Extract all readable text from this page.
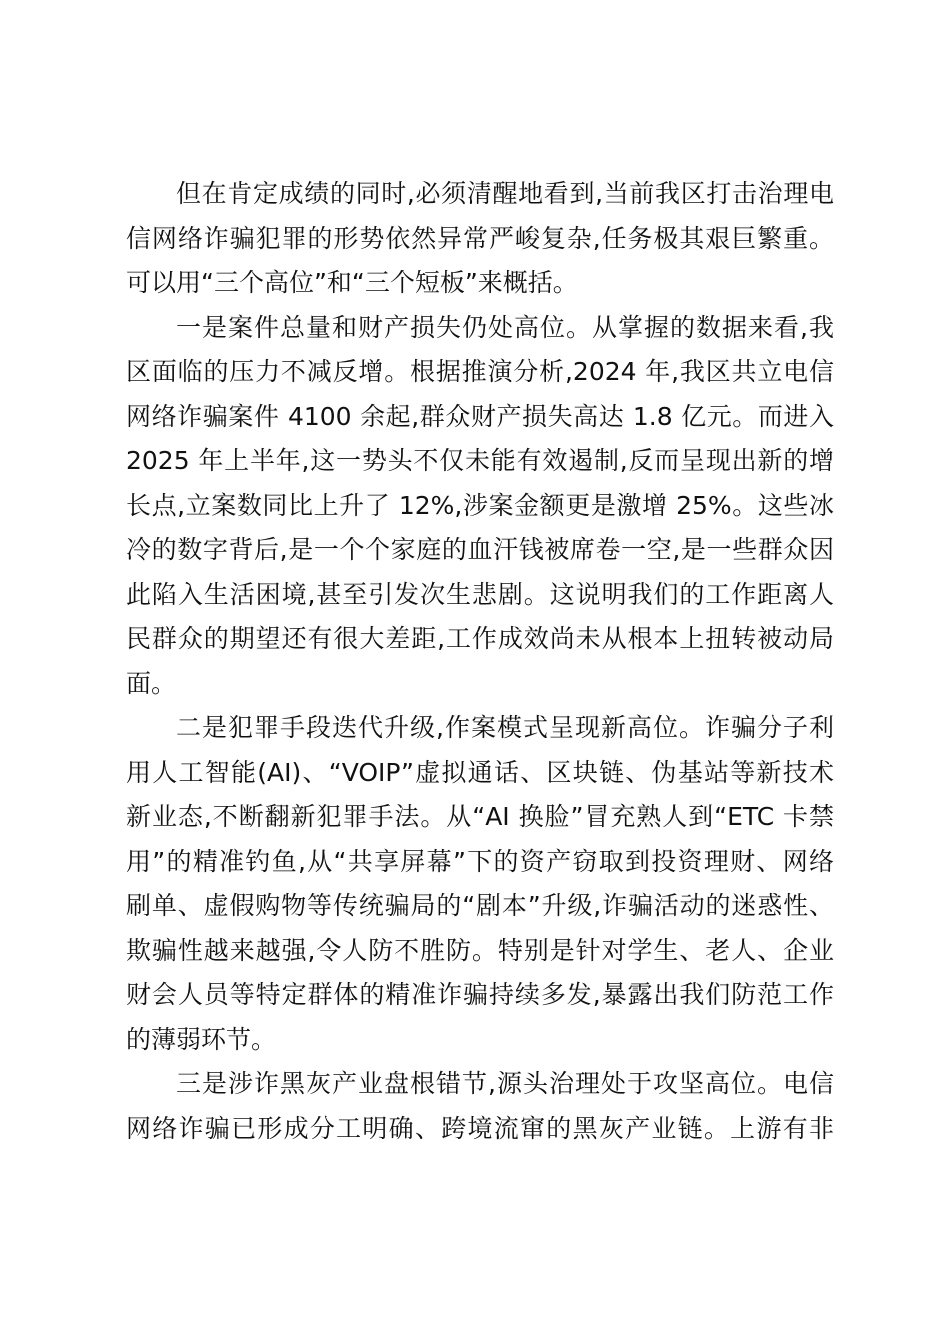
但在肯定成绩的同时,必须清醒地看到,当前我区打击治理电
信网络诈骗犯罪的形势依然异常严峻复杂,任务极其艰巨繁重。
可以用“三个高位”和“三个短板”来概括。
一是案件总量和财产损失仍处高位。从掌握的数据来看,我
区面临的压力不减反增。根据推演分析,2024 年,我区共立电信
网络诈骗案件 4100 余起,群众财产损失高达 1.8 亿元。而进入
2025 年上半年,这一势头不仅未能有效遏制,反而呈现出新的增
长点,立案数同比上升了 12%,涉案金额更是激增 25%。这些冰
冷的数字背后,是一个个家庭的血汗钱被席卷一空,是一些群众因
此陷入生活困境,甚至引发次生悲剧。这说明我们的工作距离人
民群众的期望还有很大差距,工作成效尚未从根本上扭转被动局
面。
二是犯罪手段迭代升级,作案模式呈现新高位。诈骗分子利
用人工智能(AI)、“VOIP”虚拟通话、区块链、伪基站等新技术
新业态,不断翻新犯罪手法。从“AI 换脸”冒充熟人到“ETC 卡禁
用”的精准钓鱼,从“共享屏幕”下的资产窃取到投资理财、网络
刷单、虚假购物等传统骗局的“剧本”升级,诈骗活动的迷惑性、
欺骗性越来越强,令人防不胜防。特别是针对学生、老人、企业
财会人员等特定群体的精准诈骗持续多发,暴露出我们防范工作
的薄弱环节。
三是涉诈黑灰产业盘根错节,源头治理处于攻坚高位。电信
网络诈骗已形成分工明确、跨境流窜的黑灰产业链。上游有非
